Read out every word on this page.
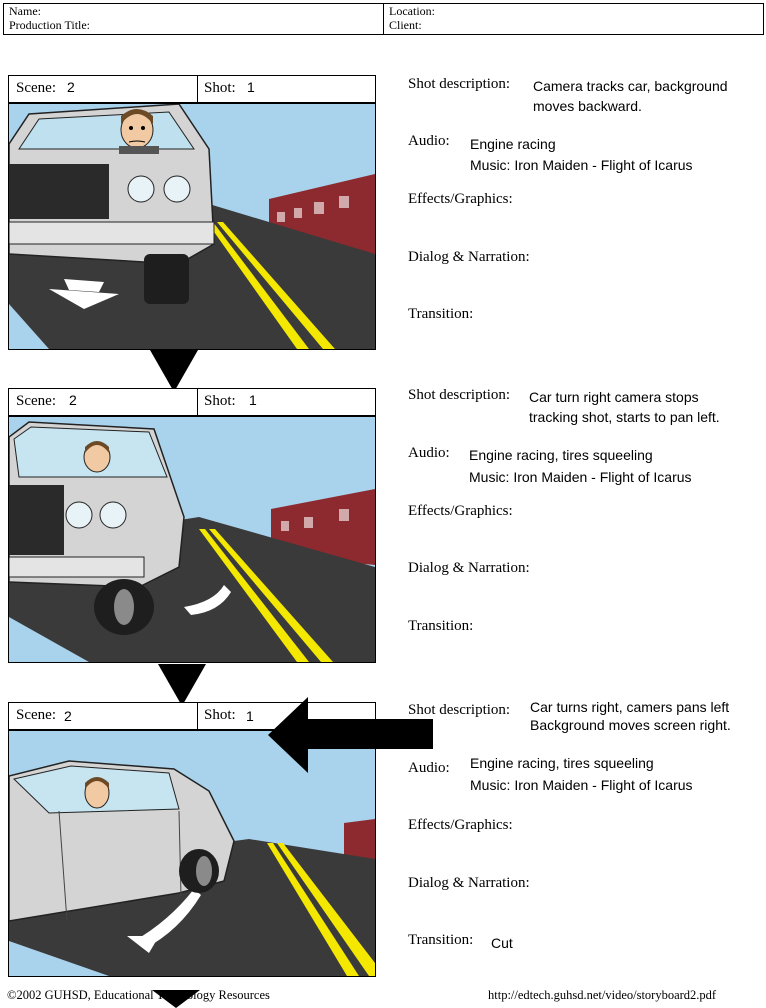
Name:
Production Title:
Location:
Client:
Scene: 2	Shot: 1
Scene: 2	Shot: 1
Scene: 2	Shot: 1
Shot description: Camera tracks car, background
moves backward.
Audio: Engine racing
Music: Iron Maiden - Flight of Icarus
Effects/Graphics:
Dialog & Narration:
Transition:
Shot description: Car turn right camera stops
tracking shot, starts to pan left.
Audio: Engine racing, tires squeeling
Music: Iron Maiden - Flight of Icarus
Effects/Graphics:
Dialog & Narration:
Transition:
Shot description: Car turns right, camers pans left
Background moves screen right.
Audio: Engine racing, tires squeeling
Music: Iron Maiden - Flight of Icarus
Effects/Graphics:
Dialog & Narration:
Transition: Cut
©2002 GUHSD, Educational Technology Resources	http://edtech.guhsd.net/video/storyboard2.pdf
